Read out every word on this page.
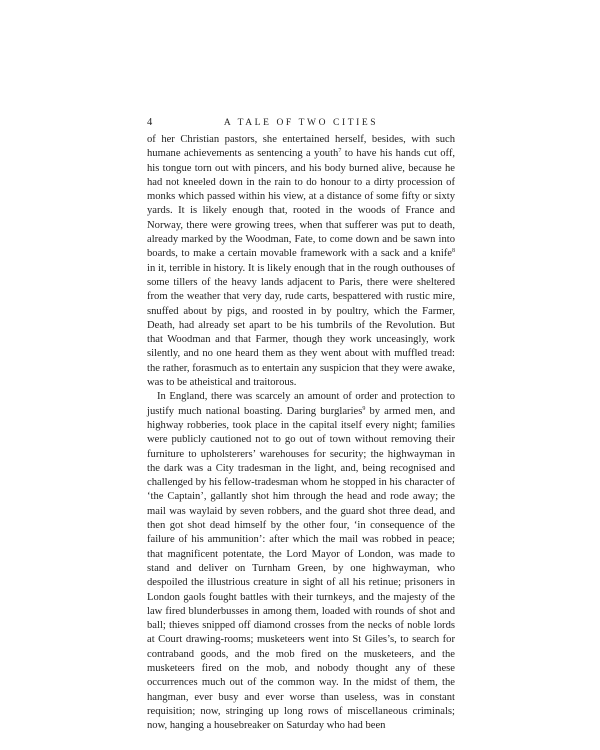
4	A TALE OF TWO CITIES

of her Christian pastors, she entertained herself, besides, with such humane achievements as sentencing a youth$^7$ to have his hands cut off, his tongue torn out with pincers, and his body burned alive, because he had not kneeled down in the rain to do honour to a dirty procession of monks which passed within his view, at a distance of some fifty or sixty yards. It is likely enough that, rooted in the woods of France and Norway, there were growing trees, when that sufferer was put to death, already marked by the Woodman, Fate, to come down and be sawn into boards, to make a certain movable framework with a sack and a knife$^8$ in it, terrible in history. It is likely enough that in the rough outhouses of some tillers of the heavy lands adjacent to Paris, there were sheltered from the weather that very day, rude carts, bespattered with rustic mire, snuffed about by pigs, and roosted in by poultry, which the Farmer, Death, had already set apart to be his tumbrils of the Revolution. But that Woodman and that Farmer, though they work unceasingly, work silently, and no one heard them as they went about with muffled tread: the rather, forasmuch as to entertain any suspicion that they were awake, was to be atheistical and traitorous.

In England, there was scarcely an amount of order and protection to justify much national boasting. Daring burglaries$^9$ by armed men, and highway robberies, took place in the capital itself every night; families were publicly cautioned not to go out of town without removing their furniture to upholsterers’ warehouses for security; the highwayman in the dark was a City tradesman in the light, and, being recognised and challenged by his fellow-tradesman whom he stopped in his character of ‘the Captain’, gallantly shot him through the head and rode away; the mail was waylaid by seven robbers, and the guard shot three dead, and then got shot dead himself by the other four, ‘in consequence of the failure of his ammunition’: after which the mail was robbed in peace; that magnificent potentate, the Lord Mayor of London, was made to stand and deliver on Turnham Green, by one highwayman, who despoiled the illustrious creature in sight of all his retinue; prisoners in London gaols fought battles with their turnkeys, and the majesty of the law fired blunderbusses in among them, loaded with rounds of shot and ball; thieves snipped off diamond crosses from the necks of noble lords at Court drawing-rooms; musketeers went into St Giles’s, to search for contraband goods, and the mob fired on the musketeers, and the musketeers fired on the mob, and nobody thought any of these occurrences much out of the common way. In the midst of them, the hangman, ever busy and ever worse than useless, was in constant requisition; now, stringing up long rows of miscellaneous criminals; now, hanging a housebreaker on Saturday who had been
